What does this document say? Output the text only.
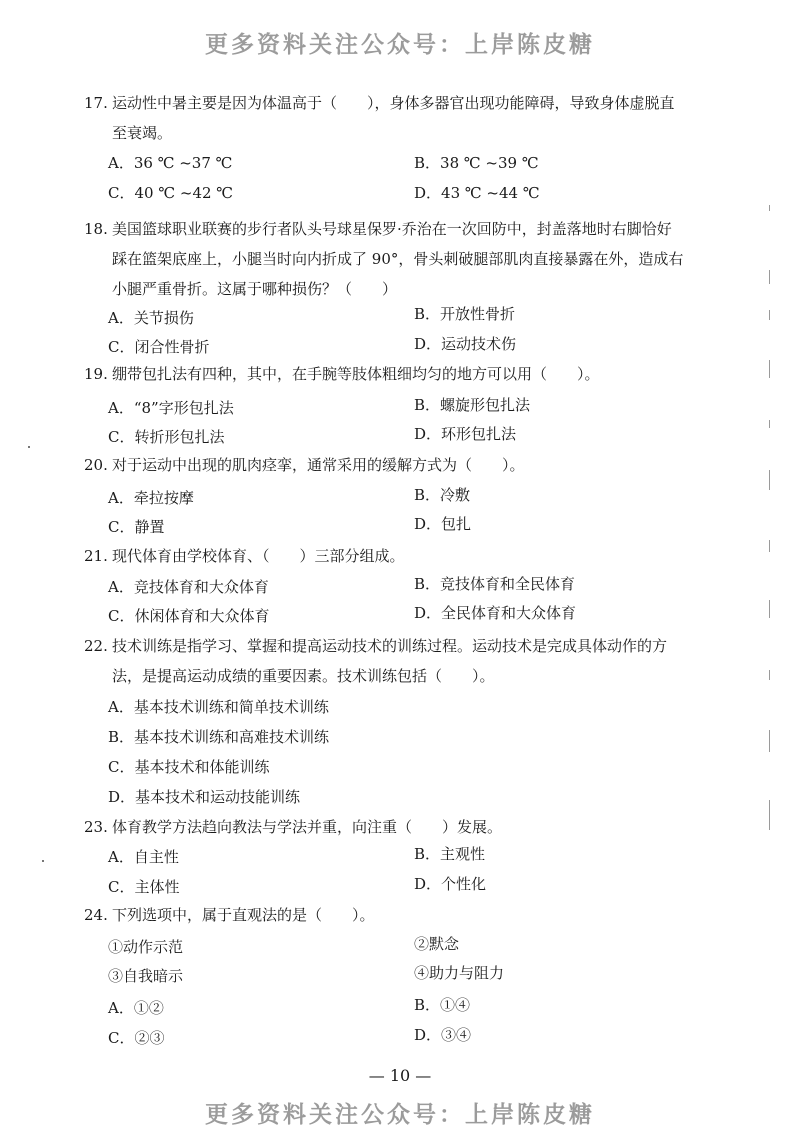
更多资料关注公众号：上岸陈皮糖
17. 运动性中暑主要是因为体温高于（　　），身体多器官出现功能障碍，导致身体虚脱直
至衰竭。
A．36 ℃ ~37 ℃	B．38 ℃ ~39 ℃
C．40 ℃ ~42 ℃	D．43 ℃ ~44 ℃
18. 美国篮球职业联赛的步行者队头号球星保罗·乔治在一次回防中，封盖落地时右脚恰好
踩在篮架底座上，小腿当时向内折成了 90°，骨头刺破腿部肌肉直接暴露在外，造成右
小腿严重骨折。这属于哪种损伤？（　　）
A．关节损伤	B．开放性骨折
C．闭合性骨折	D．运动技术伤
19. 绷带包扎法有四种，其中，在手腕等肢体粗细均匀的地方可以用（　　）。
A．“8”字形包扎法	B．螺旋形包扎法
C．转折形包扎法	D．环形包扎法
20. 对于运动中出现的肌肉痉挛，通常采用的缓解方式为（　　）。
A．牵拉按摩	B．冷敷
C．静置	D．包扎
21. 现代体育由学校体育、（　　）三部分组成。
A．竞技体育和大众体育	B．竞技体育和全民体育
C．休闲体育和大众体育	D．全民体育和大众体育
22. 技术训练是指学习、掌握和提高运动技术的训练过程。运动技术是完成具体动作的方
法，是提高运动成绩的重要因素。技术训练包括（　　）。
A．基本技术训练和简单技术训练
B．基本技术训练和高难技术训练
C．基本技术和体能训练
D．基本技术和运动技能训练
23. 体育教学方法趋向教法与学法并重，向注重（　　）发展。
A．自主性	B．主观性
C．主体性	D．个性化
24. 下列选项中，属于直观法的是（　　）。
①动作示范	②默念
③自我暗示	④助力与阻力
A．①②	B．①④
C．②③	D．③④
— 10 —
更多资料关注公众号：上岸陈皮糖
